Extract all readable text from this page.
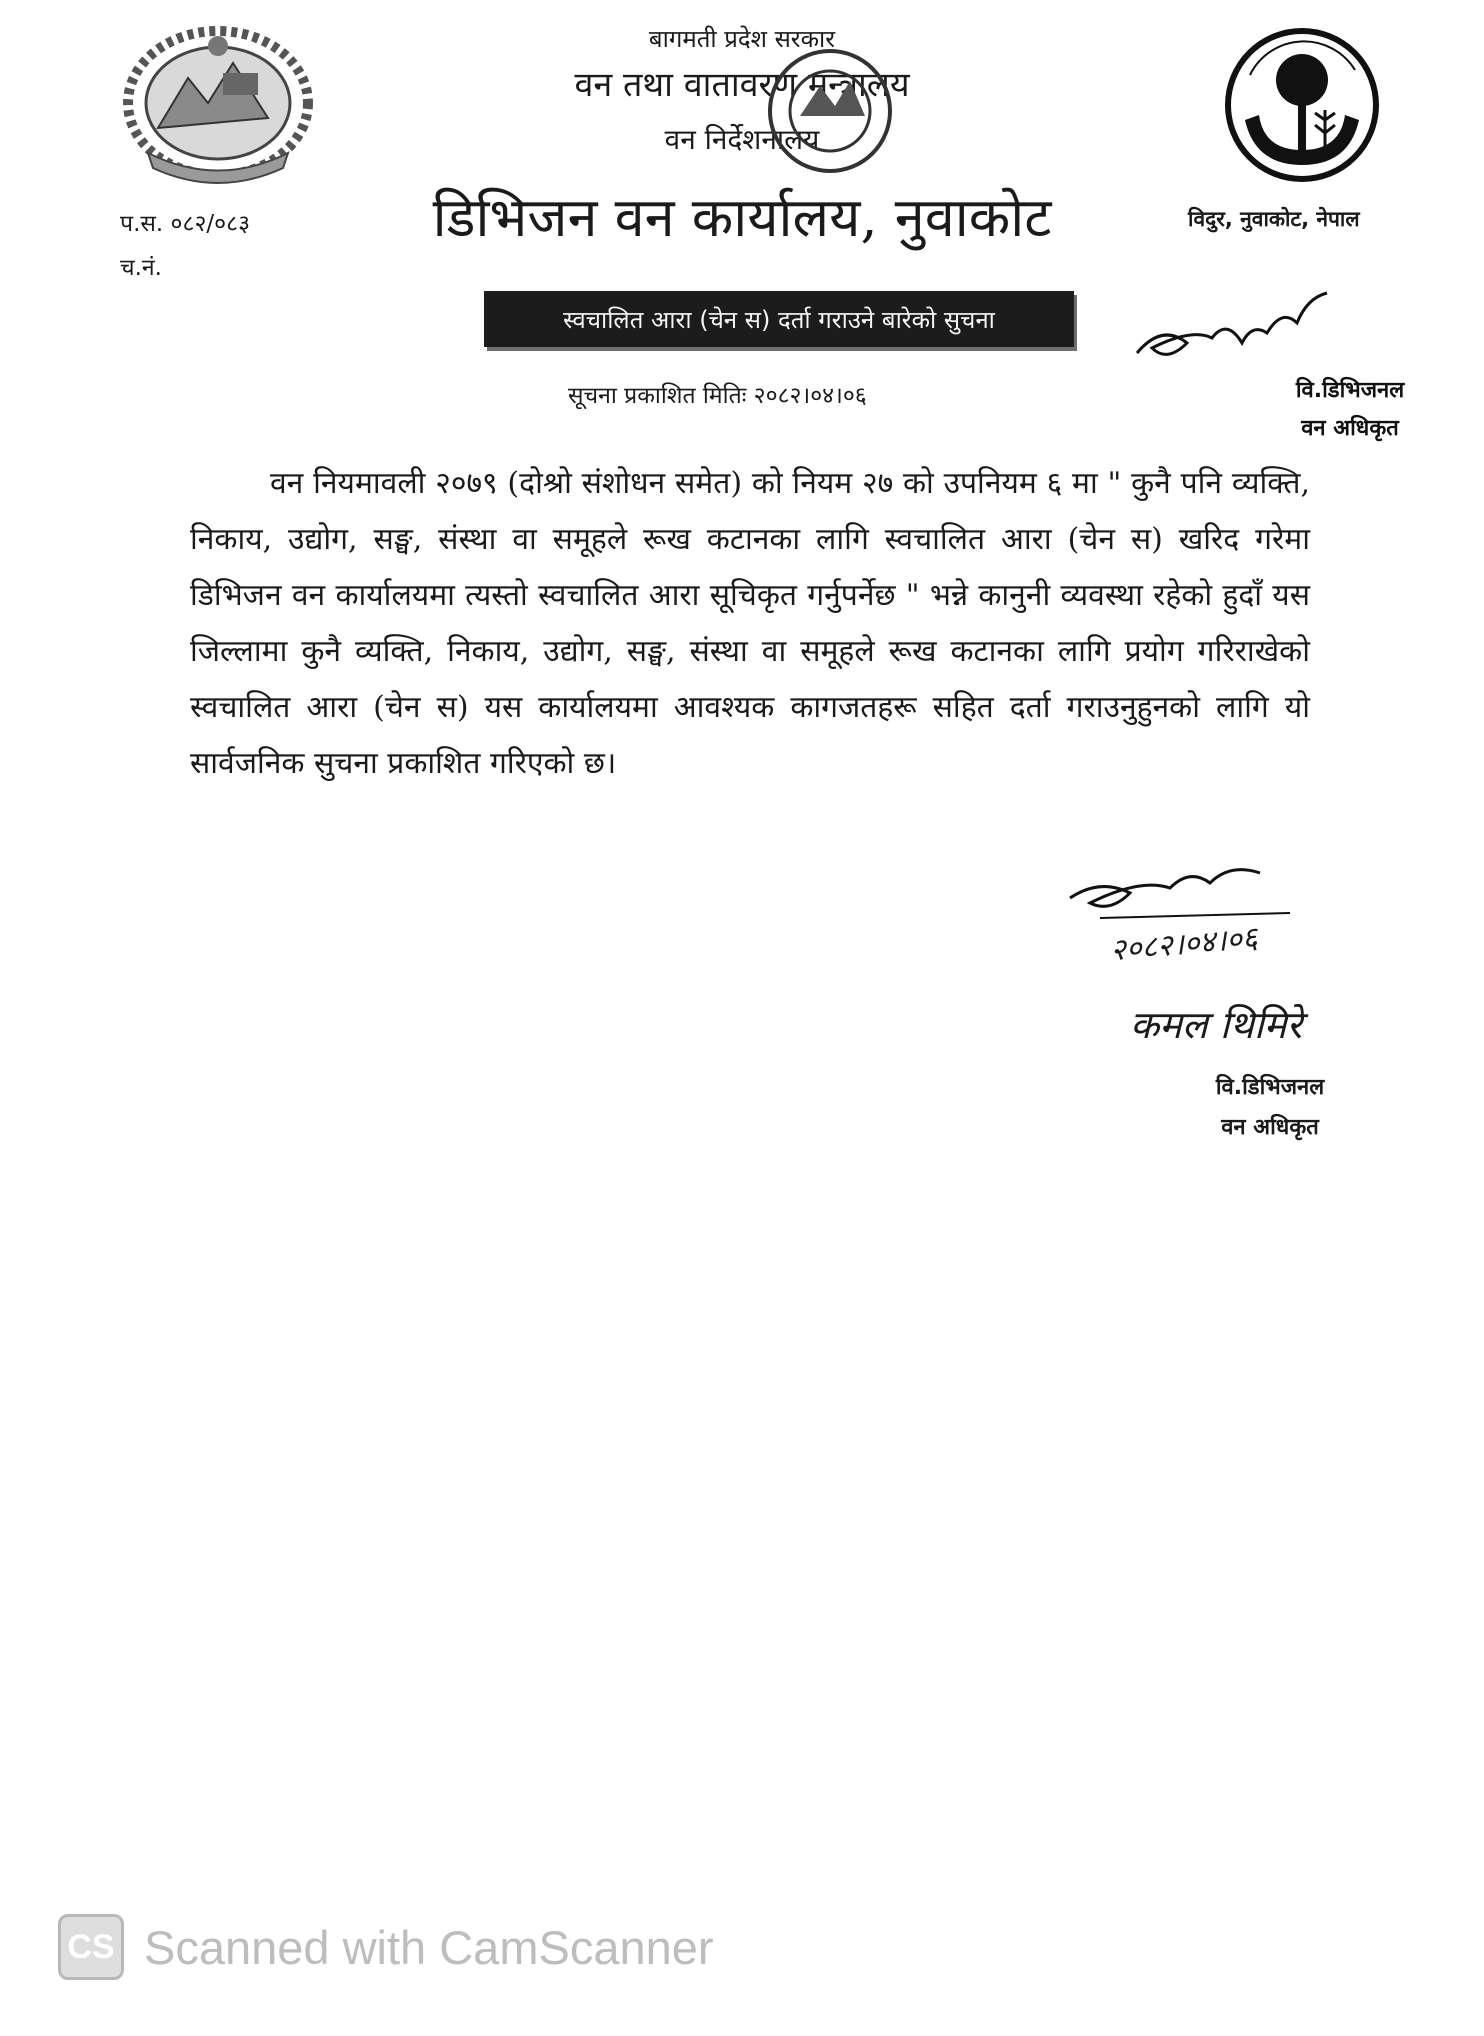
बागमती प्रदेश सरकार
वन तथा वातावरण मन्त्रालय
वन निर्देशनालय
डिभिजन वन कार्यालय, नुवाकोट
प.स. ०८२/०८३
च.नं.
विदुर, नुवाकोट, नेपाल
स्वचालित आरा (चेन स) दर्ता गराउने बारेको सुचना
सूचना प्रकाशित मितिः २०८२।०४।०६	वि.डिभिजनल
वन अधिकृत

वन नियमावली २०७९ (दोश्रो संशोधन समेत) को नियम २७ को उपनियम ६ मा " कुनै पनि व्यक्ति, निकाय, उद्योग, सङ्घ, संस्था वा समूहले रूख कटानका लागि स्वचालित आरा (चेन स) खरिद गरेमा डिभिजन वन कार्यालयमा त्यस्तो स्वचालित आरा सूचिकृत गर्नुपर्नेछ " भन्ने कानुनी व्यवस्था रहेको हुदाँ यस जिल्लामा कुनै व्यक्ति, निकाय, उद्योग, सङ्घ, संस्था वा समूहले रूख कटानका लागि प्रयोग गरिराखेको स्वचालित आरा (चेन स) यस कार्यालयमा आवश्यक कागजतहरू सहित दर्ता गराउनुहुनको लागि यो सार्वजनिक सुचना प्रकाशित गरिएको छ।

२०८२।०४।०६
कमल थिमिरे
वि.डिभिजनल
वन अधिकृत
CS Scanned with CamScanner
